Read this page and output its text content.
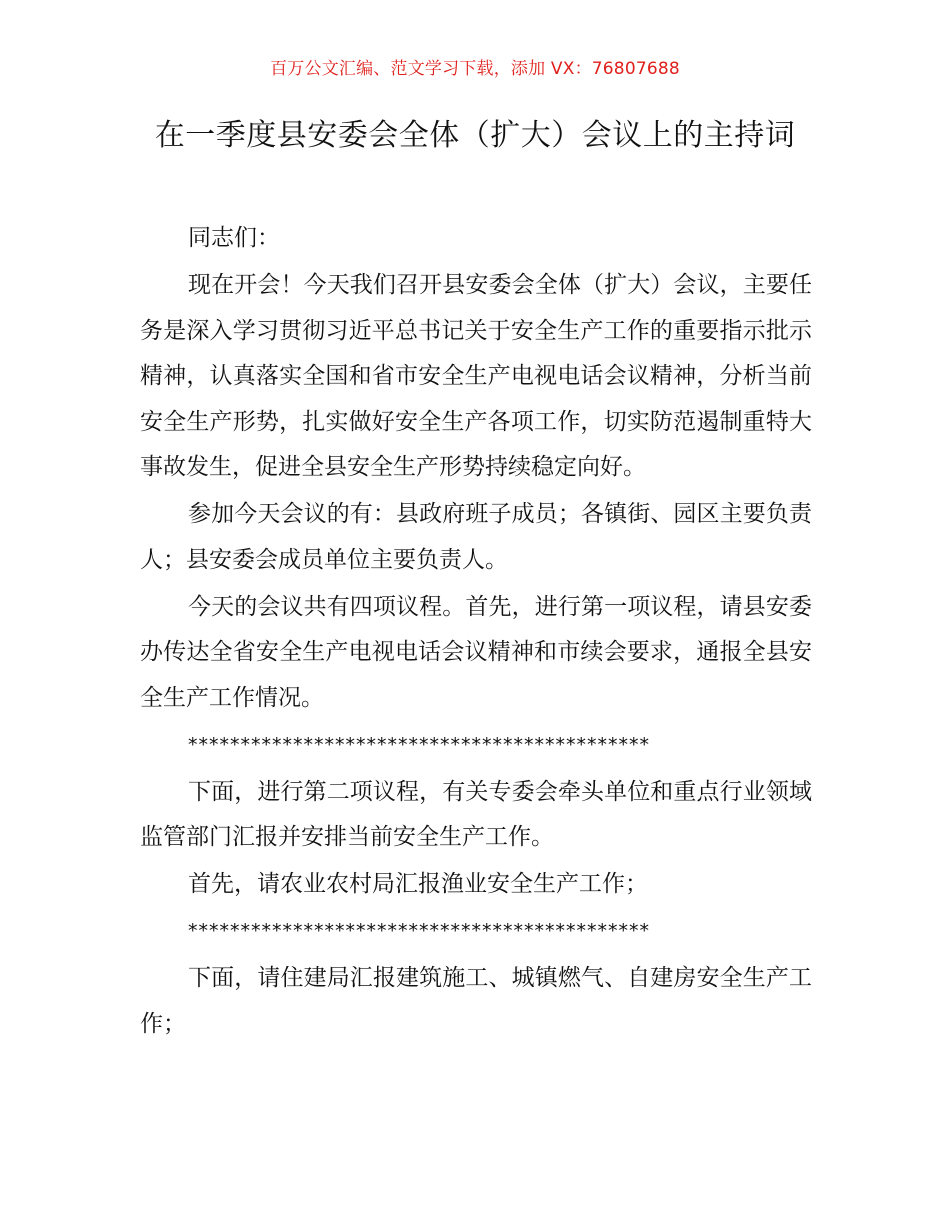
百万公文汇编、范文学习下载，添加 VX：76807688
在一季度县安委会全体（扩大）会议上的主持词

同志们：

现在开会！今天我们召开县安委会全体（扩大）会议，主要任务是深入学习贯彻习近平总书记关于安全生产工作的重要指示批示精神，认真落实全国和省市安全生产电视电话会议精神，分析当前安全生产形势，扎实做好安全生产各项工作，切实防范遏制重特大事故发生，促进全县安全生产形势持续稳定向好。

参加今天会议的有：县政府班子成员；各镇街、园区主要负责人；县安委会成员单位主要负责人。

今天的会议共有四项议程。首先，进行第一项议程，请县安委办传达全省安全生产电视电话会议精神和市续会要求，通报全县安全生产工作情况。

********************************************

下面，进行第二项议程，有关专委会牵头单位和重点行业领域监管部门汇报并安排当前安全生产工作。

首先，请农业农村局汇报渔业安全生产工作；

********************************************

下面，请住建局汇报建筑施工、城镇燃气、自建房安全生产工作；
